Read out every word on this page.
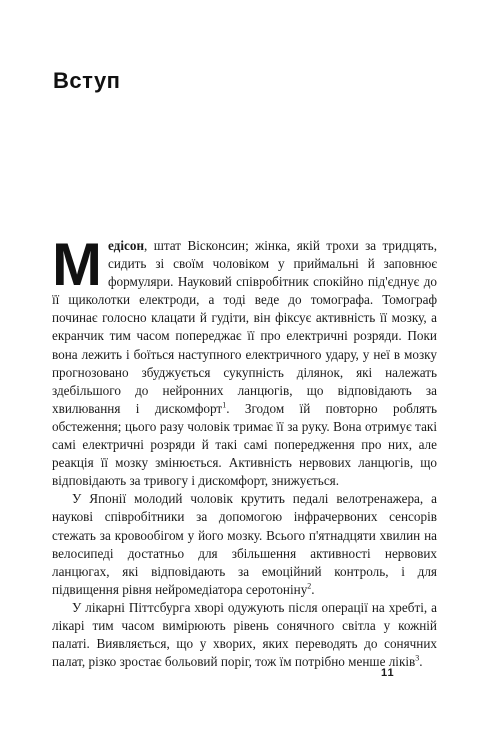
Вступ

Медісон, штат Вісконсин; жінка, якій трохи за тридцять, сидить зі своїм чоловіком у приймальні й заповнює формуляри. Науковий співробітник спокійно під'єднує до її щиколотки електроди, а тоді веде до томографа. Томограф починає голосно клацати й гудіти, він фіксує активність її мозку, а екранчик тим часом попереджає її про електричні розряди. Поки вона лежить і боїться наступного електричного удару, у неї в мозку прогнозовано збуджується сукупність ділянок, які належать здебільшого до нейронних ланцюгів, що відповідають за хвилювання і дискомфорт$^1$. Згодом їй повторно роблять обстеження; цього разу чоловік тримає її за руку. Вона отримує такі самі електричні розряди й такі самі попередження про них, але реакція її мозку змінюється. Активність нервових ланцюгів, що відповідають за тривогу і дискомфорт, знижується.

У Японії молодий чоловік крутить педалі велотренажера, а наукові співробітники за допомогою інфрачервоних сенсорів стежать за кровообігом у його мозку. Всього п'ятнадцяти хвилин на велосипеді достатньо для збільшення активності нервових ланцюгах, які відповідають за емоційний контроль, і для підвищення рівня нейромедіатора серотоніну$^2$.

У лікарні Піттсбурга хворі одужують після операції на хребті, а лікарі тим часом вимірюють рівень сонячного світла у кожній палаті. Виявляється, що у хворих, яких переводять до сонячних палат, різко зростає больовий поріг, тож їм потрібно менше ліків$^3$.

11
